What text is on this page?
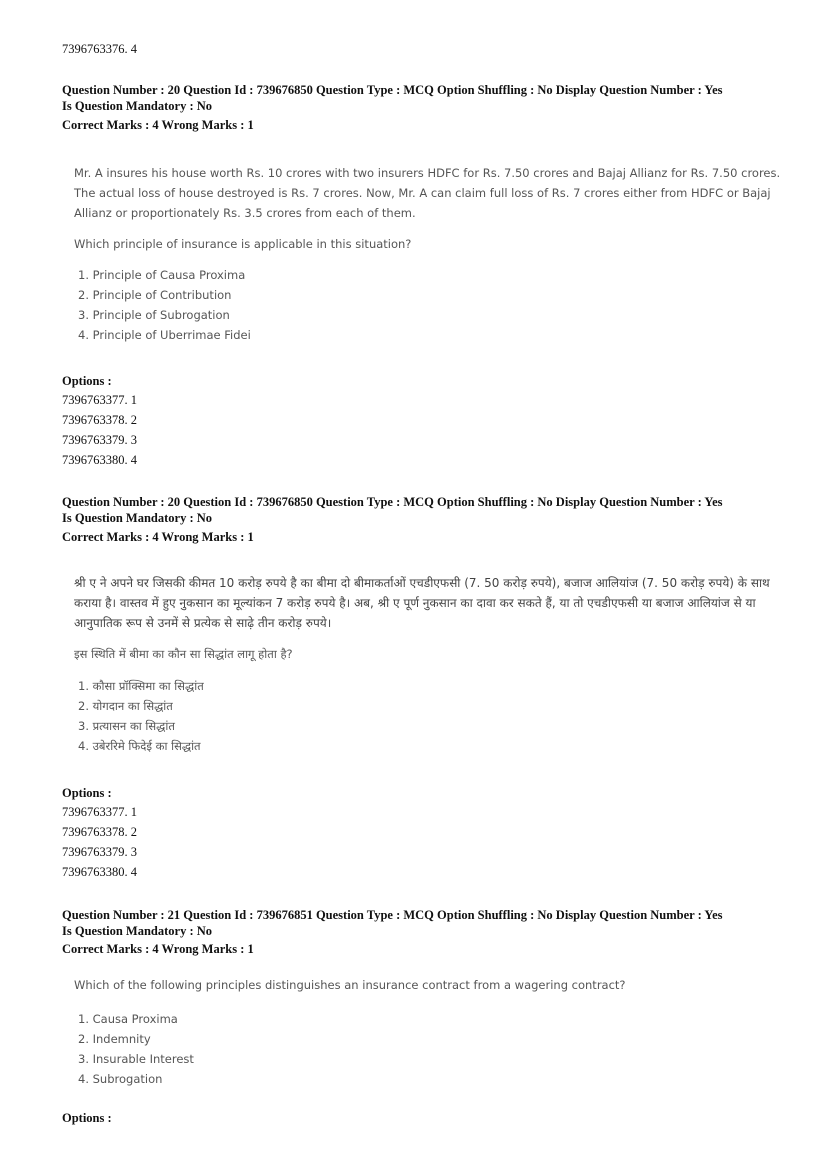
7396763376. 4
Question Number : 20 Question Id : 739676850 Question Type : MCQ Option Shuffling : No Display Question Number : Yes
Is Question Mandatory : No
Correct Marks : 4 Wrong Marks : 1
Mr. A insures his house worth Rs. 10 crores with two insurers HDFC for Rs. 7.50 crores and Bajaj Allianz for Rs. 7.50 crores. The actual loss of house destroyed is Rs. 7 crores. Now, Mr. A can claim full loss of Rs. 7 crores either from HDFC or Bajaj Allianz or proportionately Rs. 3.5 crores from each of them.
Which principle of insurance is applicable in this situation?
1. Principle of Causa Proxima
2. Principle of Contribution
3. Principle of Subrogation
4. Principle of Uberrimae Fidei
Options :
7396763377. 1
7396763378. 2
7396763379. 3
7396763380. 4
Question Number : 20 Question Id : 739676850 Question Type : MCQ Option Shuffling : No Display Question Number : Yes
Is Question Mandatory : No
Correct Marks : 4 Wrong Marks : 1
श्री ए ने अपने घर जिसकी कीमत 10 करोड़ रुपये है का बीमा दो बीमाकर्ताओं एचडीएफसी (7. 50 करोड़ रुपये), बजाज आलियांज (7. 50 करोड़ रुपये) के साथ कराया है। वास्तव में हुए नुकसान का मूल्यांकन 7 करोड़ रुपये है। अब, श्री ए पूर्ण नुकसान का दावा कर सकते हैं, या तो एचडीएफसी या बजाज आलियांज से या आनुपातिक रूप से उनमें से प्रत्येक से साढ़े तीन करोड़ रुपये।
इस स्थिति में बीमा का कौन सा सिद्धांत लागू होता है?
1. कौसा प्रॉक्सिमा का सिद्धांत
2. योगदान का सिद्धांत
3. प्रत्यासन का सिद्धांत
4. उबेररिमे फिदेई का सिद्धांत
Options :
7396763377. 1
7396763378. 2
7396763379. 3
7396763380. 4
Question Number : 21 Question Id : 739676851 Question Type : MCQ Option Shuffling : No Display Question Number : Yes
Is Question Mandatory : No
Correct Marks : 4 Wrong Marks : 1
Which of the following principles distinguishes an insurance contract from a wagering contract?
1. Causa Proxima
2. Indemnity
3. Insurable Interest
4. Subrogation
Options :
